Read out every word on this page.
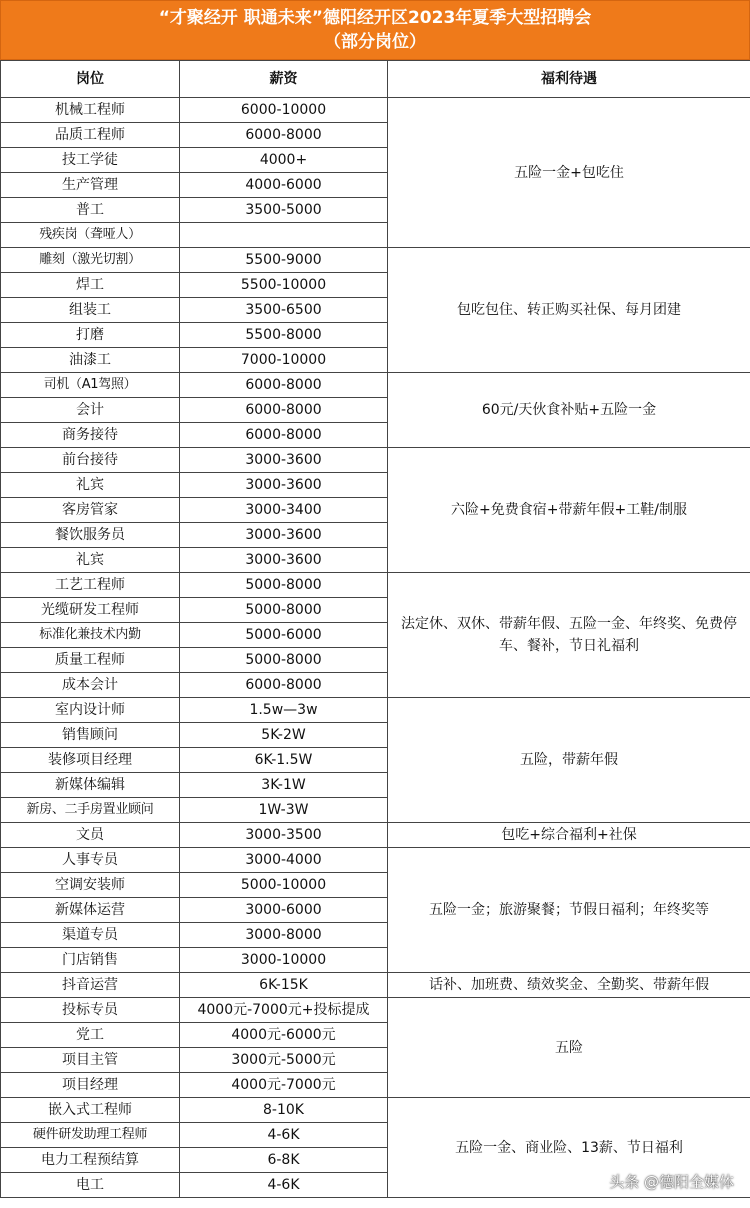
“才聚经开 职通未来”德阳经开区2023年夏季大型招聘会
（部分岗位）
岗位	薪资	福利待遇
机械工程师	6000-10000	五险一金+包吃住
品质工程师	6000-8000	
技工学徒	4000+	
生产管理	4000-6000	
普工	3500-5000	
残疾岗（聋哑人）		
雕刻（激光切割）	5500-9000	包吃包住、转正购买社保、每月团建
焊工	5500-10000	
组装工	3500-6500	
打磨	5500-8000	
油漆工	7000-10000	
司机（A1驾照）	6000-8000	60元/天伙食补贴+五险一金
会计	6000-8000	
商务接待	6000-8000	
前台接待	3000-3600	六险+免费食宿+带薪年假+工鞋/制服
礼宾	3000-3600	
客房管家	3000-3400	
餐饮服务员	3000-3600	
礼宾	3000-3600	
工艺工程师	5000-8000	法定休、双休、带薪年假、五险一金、年终奖、免费停车、餐补，节日礼福利
光缆研发工程师	5000-8000	
标准化兼技术内勤	5000-6000	
质量工程师	5000-8000	
成本会计	6000-8000	
室内设计师	1.5w—3w	五险，带薪年假
销售顾问	5K-2W	
装修项目经理	6K-1.5W	
新媒体编辑	3K-1W	
新房、二手房置业顾问	1W-3W	
文员	3000-3500	包吃+综合福利+社保
人事专员	3000-4000	五险一金；旅游聚餐；节假日福利；年终奖等
空调安装师	5000-10000	
新媒体运营	3000-6000	
渠道专员	3000-8000	
门店销售	3000-10000	
抖音运营	6K-15K	话补、加班费、绩效奖金、全勤奖、带薪年假
投标专员	4000元-7000元+投标提成	五险
党工	4000元-6000元	
项目主管	3000元-5000元	
项目经理	4000元-7000元	
嵌入式工程师	8-10K	五险一金、商业险、13薪、节日福利
硬件研发助理工程师	4-6K	
电力工程预结算	6-8K	
电工	4-6K		头条 @德阳全媒体
